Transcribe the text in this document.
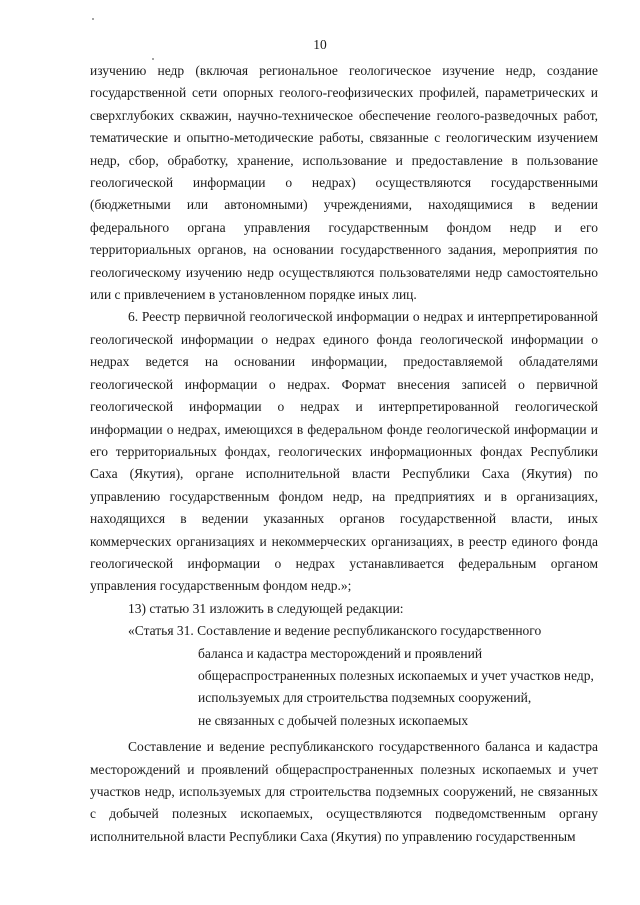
10

изучению недр (включая региональное геологическое изучение недр, создание государственной сети опорных геолого-геофизических профилей, параметрических и сверхглубоких скважин, научно-техническое обеспечение геолого-разведочных работ, тематические и опытно-методические работы, связанные с геологическим изучением недр, сбор, обработку, хранение, использование и предоставление в пользование геологической информации о недрах) осуществляются государственными (бюджетными или автономными) учреждениями, находящимися в ведении федерального органа управления государственным фондом недр и его территориальных органов, на основании государственного задания, мероприятия по геологическому изучению недр осуществляются пользователями недр самостоятельно или с привлечением в установленном порядке иных лиц.

6. Реестр первичной геологической информации о недрах и интерпретированной геологической информации о недрах единого фонда геологической информации о недрах ведется на основании информации, предоставляемой обладателями геологической информации о недрах. Формат внесения записей о первичной геологической информации о недрах и интерпретированной геологической информации о недрах, имеющихся в федеральном фонде геологической информации и его территориальных фондах, геологических информационных фондах Республики Саха (Якутия), органе исполнительной власти Республики Саха (Якутия) по управлению государственным фондом недр, на предприятиях и в организациях, находящихся в ведении указанных органов государственной власти, иных коммерческих организациях и некоммерческих организациях, в реестр единого фонда геологической информации о недрах устанавливается федеральным органом управления государственным фондом недр.»;

13) статью 31 изложить в следующей редакции:

«Статья 31. Составление и ведение республиканского государственного
баланса и кадастра месторождений и проявлений
общераспространенных полезных ископаемых и учет участков недр,
используемых для строительства подземных сооружений,
не связанных с добычей полезных ископаемых

Составление и ведение республиканского государственного баланса и кадастра месторождений и проявлений общераспространенных полезных ископаемых и учет участков недр, используемых для строительства подземных сооружений, не связанных с добычей полезных ископаемых, осуществляются подведомственным органу исполнительной власти Республики Саха (Якутия) по управлению государственным
